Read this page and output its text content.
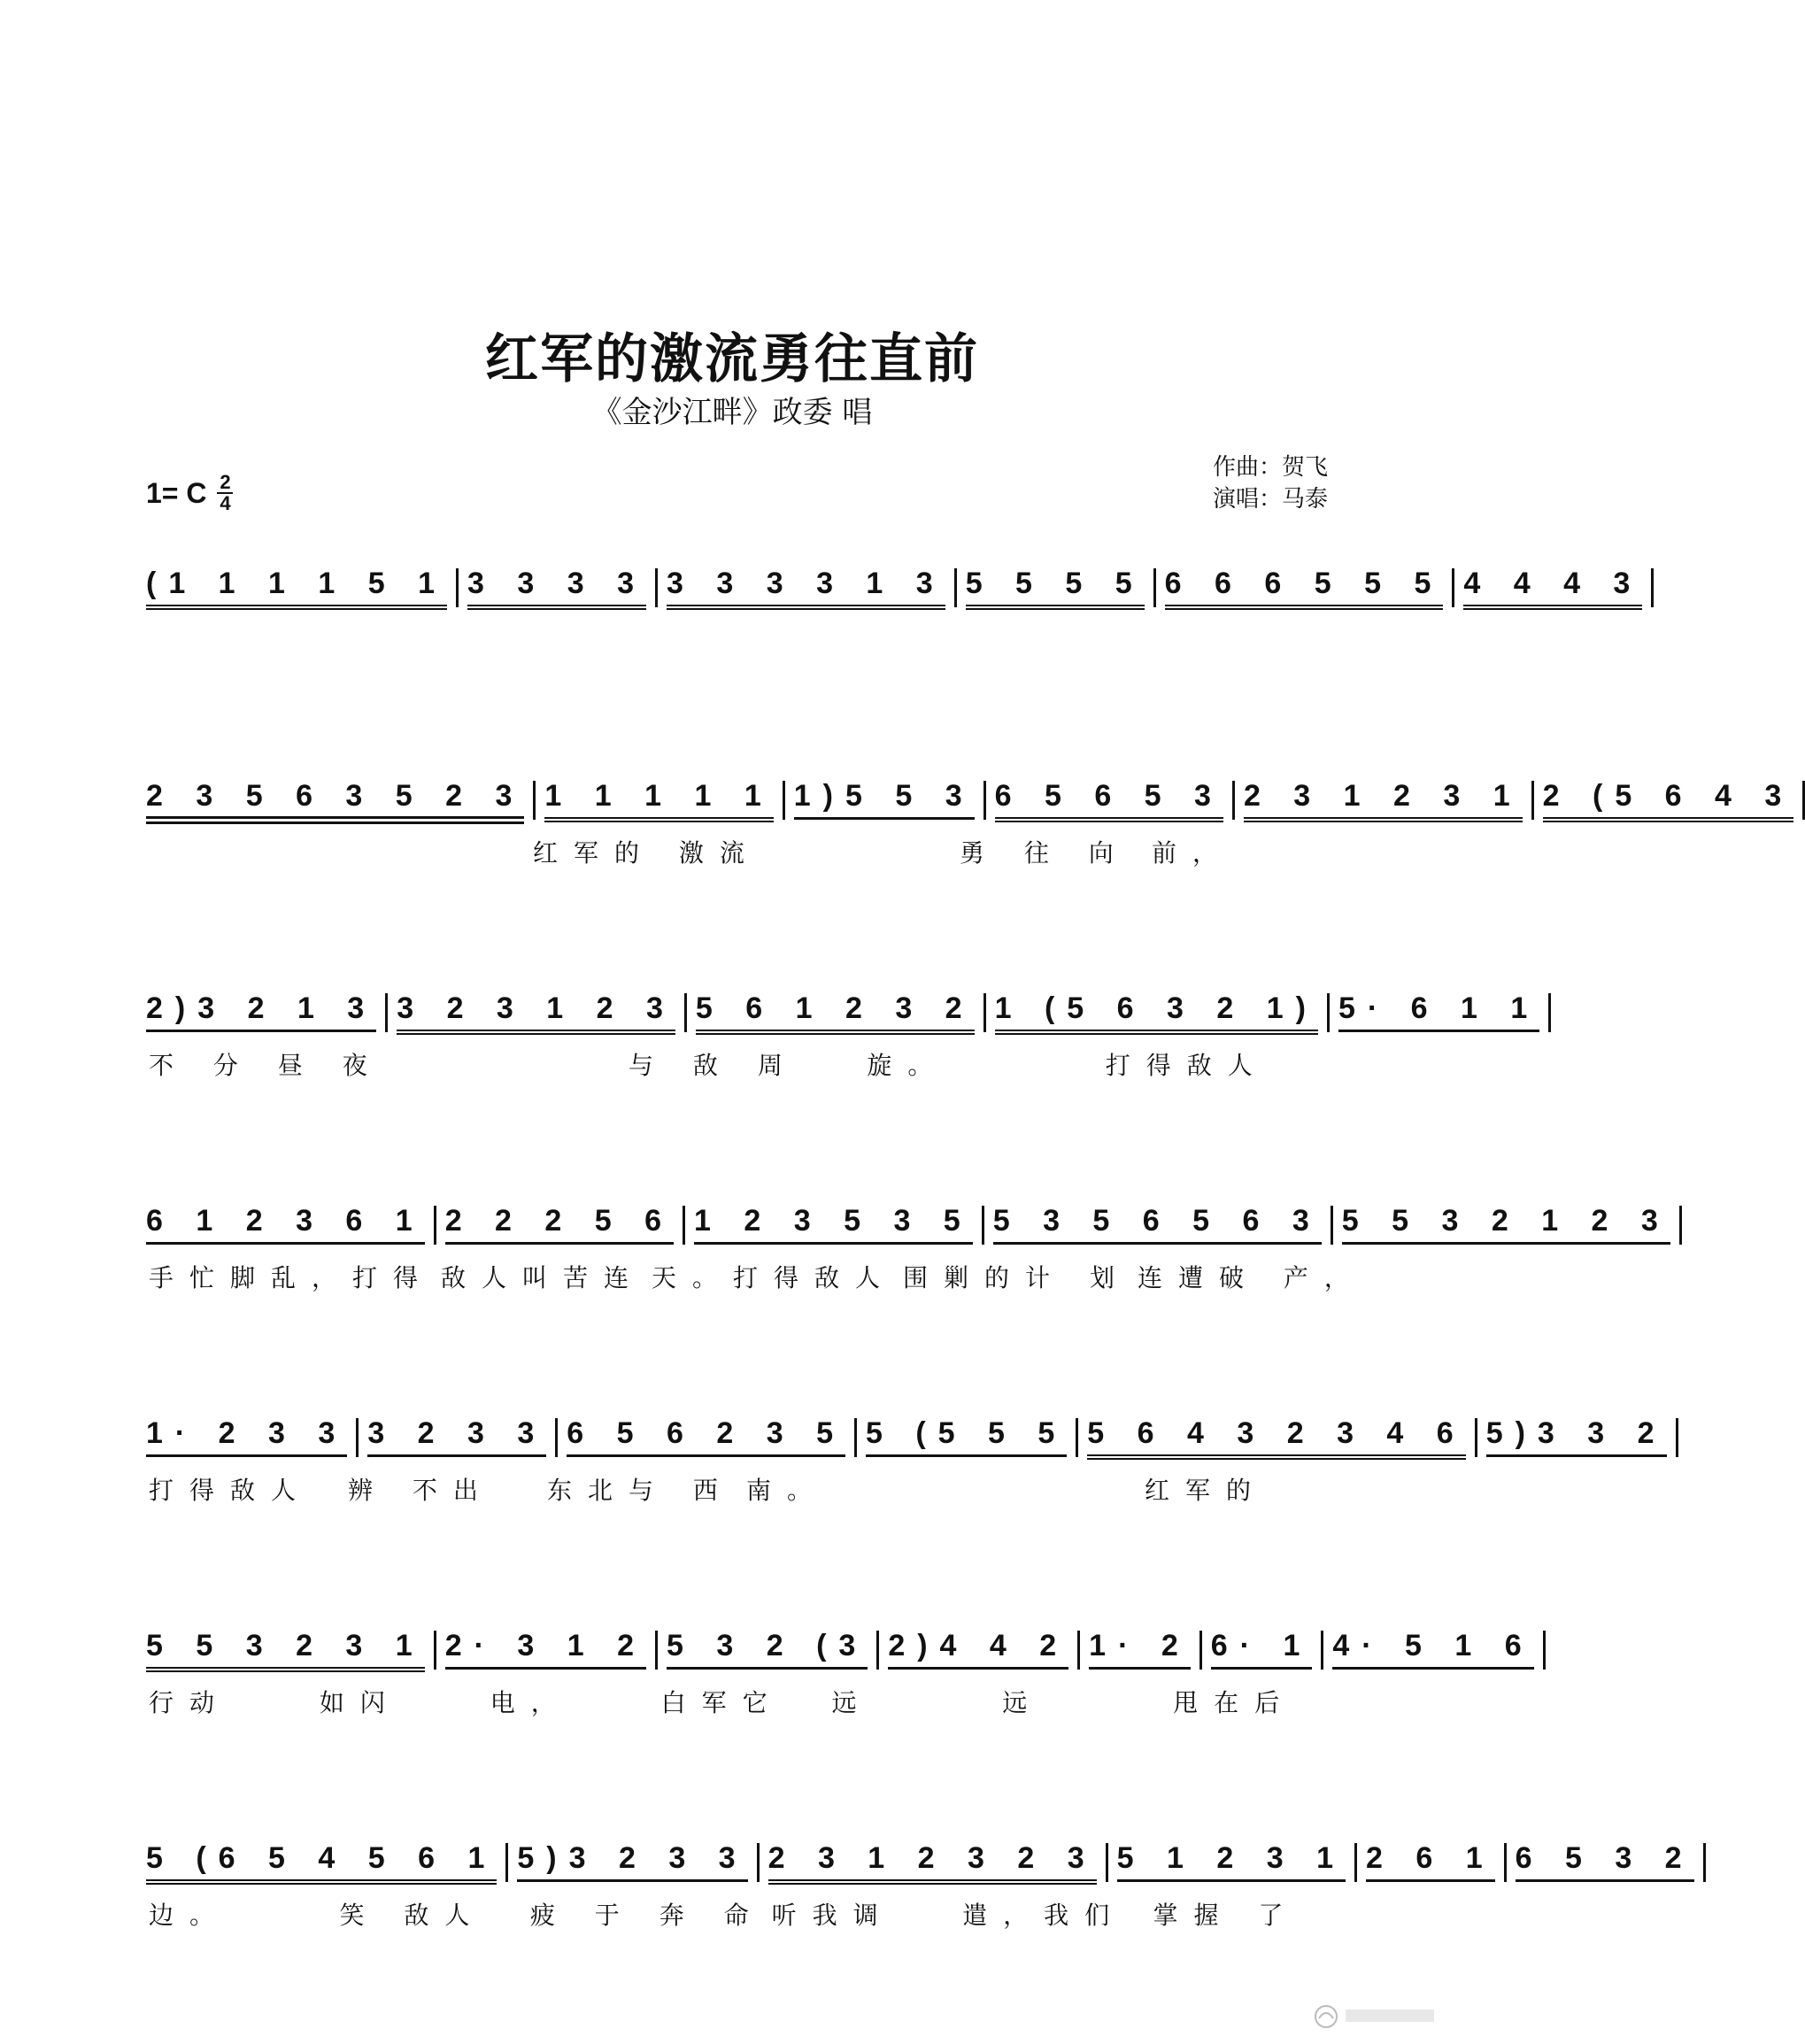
红军的激流勇往直前
《金沙江畔》政委 唱
1= C 2
4
作曲：贺飞
演唱：马泰
(1 1 1 1 5 1 3 3 3 3 3 3 3 3 1 3 5 5 5 5 6 6 6 5 5 5 4 4 4 3
2 3 5 6 3 5 2 3 1 1 1 1 1 1)5 5 3 6 5 6 5 3 2 3 1 2 3 1 2 (5 6 4 3
红军的 激流	勇 往 向 前，
2)3 2 1 3 3 2 3 1 2 3 5 6 1 2 3 2 1 (5 6 3 2 1) 5· 6 1 1
不 分 昼 夜	与 敌 周	旋。	打得敌人
6 1 2 3 6 1 2 2 2 5 6 1 2 3 5 3 5 5 3 5 6 5 6 3 5 5 3 2 1 2 3
手忙脚乱，打得 敌人叫苦连 天。打得敌人 围剿的计 划 连遭破 产，
1· 2 3 3 3 2 3 3 6 5 6 2 3 5 5 (5 5 5 5 6 4 3 2 3 4 6 5)3 3 2
打得敌人	辨 不出	东北与 西 南。	红军的
5 5 3 2 3 1 2· 3 1 2 5 3 2 (3 2)4 4 2 1· 2 6· 1 4· 5 1 6
行动	如闪	电，	白军它	远	远	甩在后
5 (6 5 4 5 6 1 5)3 2 3 3 2 3 1 2 3 2 3 5 1 2 3 1 2 6 1 6 5 3 2
边。	笑 敌人	疲 于 奔 命 听我调	遣，我们	掌握 了
